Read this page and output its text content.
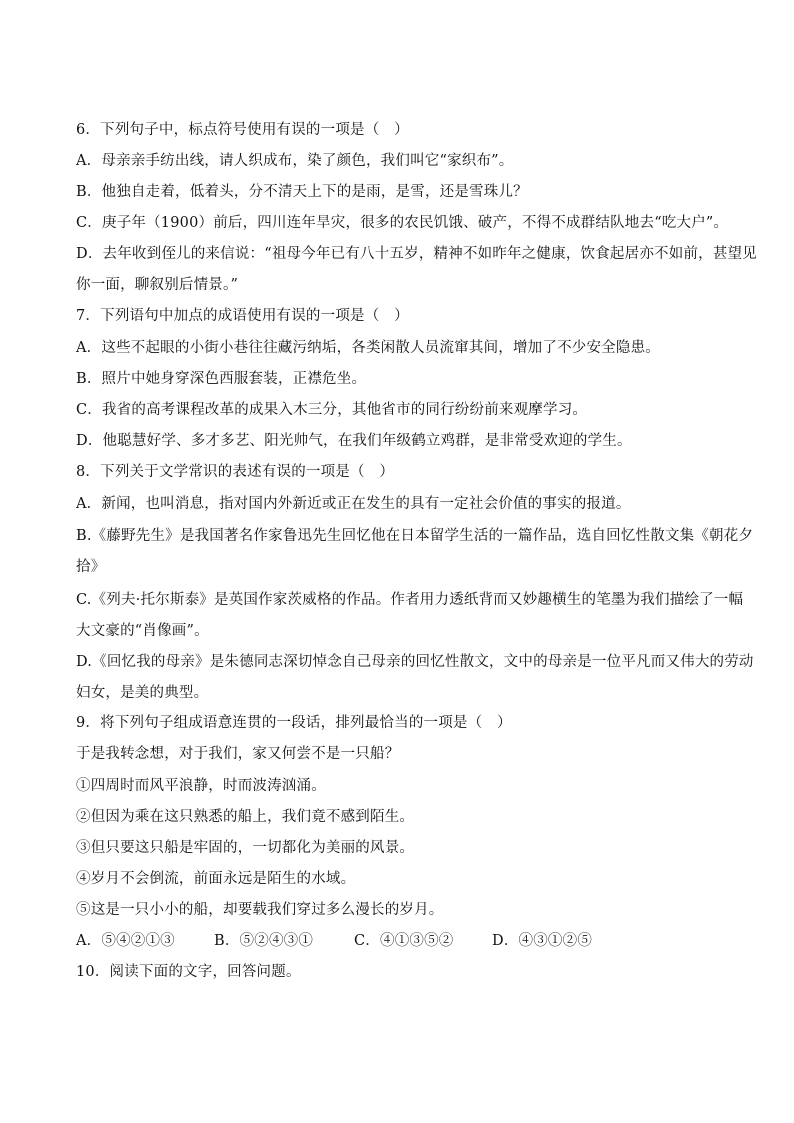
6．下列句子中，标点符号使用有误的一项是（　）
A．母亲亲手纺出线，请人织成布，染了颜色，我们叫它“家织布”。
B．他独自走着，低着头，分不清天上下的是雨，是雪，还是雪珠儿？
C．庚子年（1900）前后，四川连年旱灾，很多的农民饥饿、破产，不得不成群结队地去“吃大户”。
D．去年收到侄儿的来信说：“祖母今年已有八十五岁，精神不如昨年之健康，饮食起居亦不如前，甚望见
你一面，聊叙别后情景。”
7．下列语句中加点的成语使用有误的一项是（　）
A．这些不起眼的小街小巷往往藏污纳垢，各类闲散人员流窜其间，增加了不少安全隐患。
B．照片中她身穿深色西服套装，正襟危坐。
C．我省的高考课程改革的成果入木三分，其他省市的同行纷纷前来观摩学习。
D．他聪慧好学、多才多艺、阳光帅气，在我们年级鹤立鸡群，是非常受欢迎的学生。
8．下列关于文学常识的表述有误的一项是（　）
A．新闻，也叫消息，指对国内外新近或正在发生的具有一定社会价值的事实的报道。
B.《藤野先生》是我国著名作家鲁迅先生回忆他在日本留学生活的一篇作品，选自回忆性散文集《朝花夕
拾》
C.《列夫·托尔斯泰》是英国作家茨威格的作品。作者用力透纸背而又妙趣横生的笔墨为我们描绘了一幅
大文豪的“肖像画”。
D.《回忆我的母亲》是朱德同志深切悼念自己母亲的回忆性散文，文中的母亲是一位平凡而又伟大的劳动
妇女，是美的典型。
9．将下列句子组成语意连贯的一段话，排列最恰当的一项是（　）
于是我转念想，对于我们，家又何尝不是一只船？
①四周时而风平浪静，时而波涛汹涌。
②但因为乘在这只熟悉的船上，我们竟不感到陌生。
③但只要这只船是牢固的，一切都化为美丽的风景。
④岁月不会倒流，前面永远是陌生的水域。
⑤这是一只小小的船，却要载我们穿过多么漫长的岁月。
A．⑤④②①③	B．⑤②④③①	C．④①③⑤②	D．④③①②⑤
10．阅读下面的文字，回答问题。
